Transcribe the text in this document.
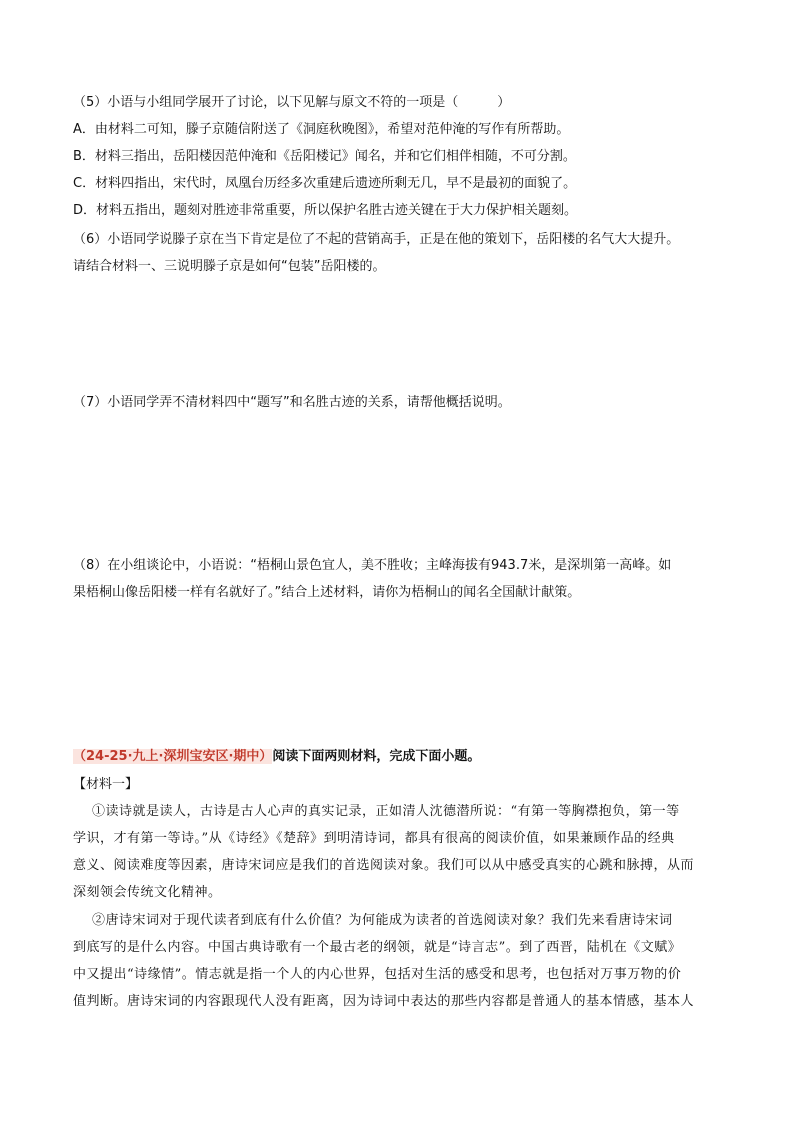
（5）小语与小组同学展开了讨论，以下见解与原文不符的一项是（　　　）
A．由材料二可知，滕子京随信附送了《洞庭秋晚图》，希望对范仲淹的写作有所帮助。
B．材料三指出，岳阳楼因范仲淹和《岳阳楼记》闻名，并和它们相伴相随，不可分割。
C．材料四指出，宋代时，凤凰台历经多次重建后遗迹所剩无几，早不是最初的面貌了。
D．材料五指出，题刻对胜迹非常重要，所以保护名胜古迹关键在于大力保护相关题刻。
（6）小语同学说滕子京在当下肯定是位了不起的营销高手，正是在他的策划下，岳阳楼的名气大大提升。
请结合材料一、三说明滕子京是如何“包装”岳阳楼的。
（7）小语同学弄不清材料四中“题写”和名胜古迹的关系，请帮他概括说明。
（8）在小组谈论中，小语说：“梧桐山景色宜人，美不胜收；主峰海拔有943.7米，是深圳第一高峰。如
果梧桐山像岳阳楼一样有名就好了。”结合上述材料，请你为梧桐山的闻名全国献计献策。
（24-25·九上·深圳宝安区·期中）阅读下面两则材料，完成下面小题。
【材料一】
①读诗就是读人，古诗是古人心声的真实记录，正如清人沈德潜所说：“有第一等胸襟抱负，第一等
学识，才有第一等诗。”从《诗经》《楚辞》到明清诗词，都具有很高的阅读价值，如果兼顾作品的经典
意义、阅读难度等因素，唐诗宋词应是我们的首选阅读对象。我们可以从中感受真实的心跳和脉搏，从而
深刻领会传统文化精神。
②唐诗宋词对于现代读者到底有什么价值？为何能成为读者的首选阅读对象？我们先来看唐诗宋词
到底写的是什么内容。中国古典诗歌有一个最古老的纲领，就是“诗言志”。到了西晋，陆机在《文赋》
中又提出“诗缘情”。情志就是指一个人的内心世界，包括对生活的感受和思考，也包括对万事万物的价
值判断。唐诗宋词的内容跟现代人没有距离，因为诗词中表达的那些内容都是普通人的基本情感，基本人
